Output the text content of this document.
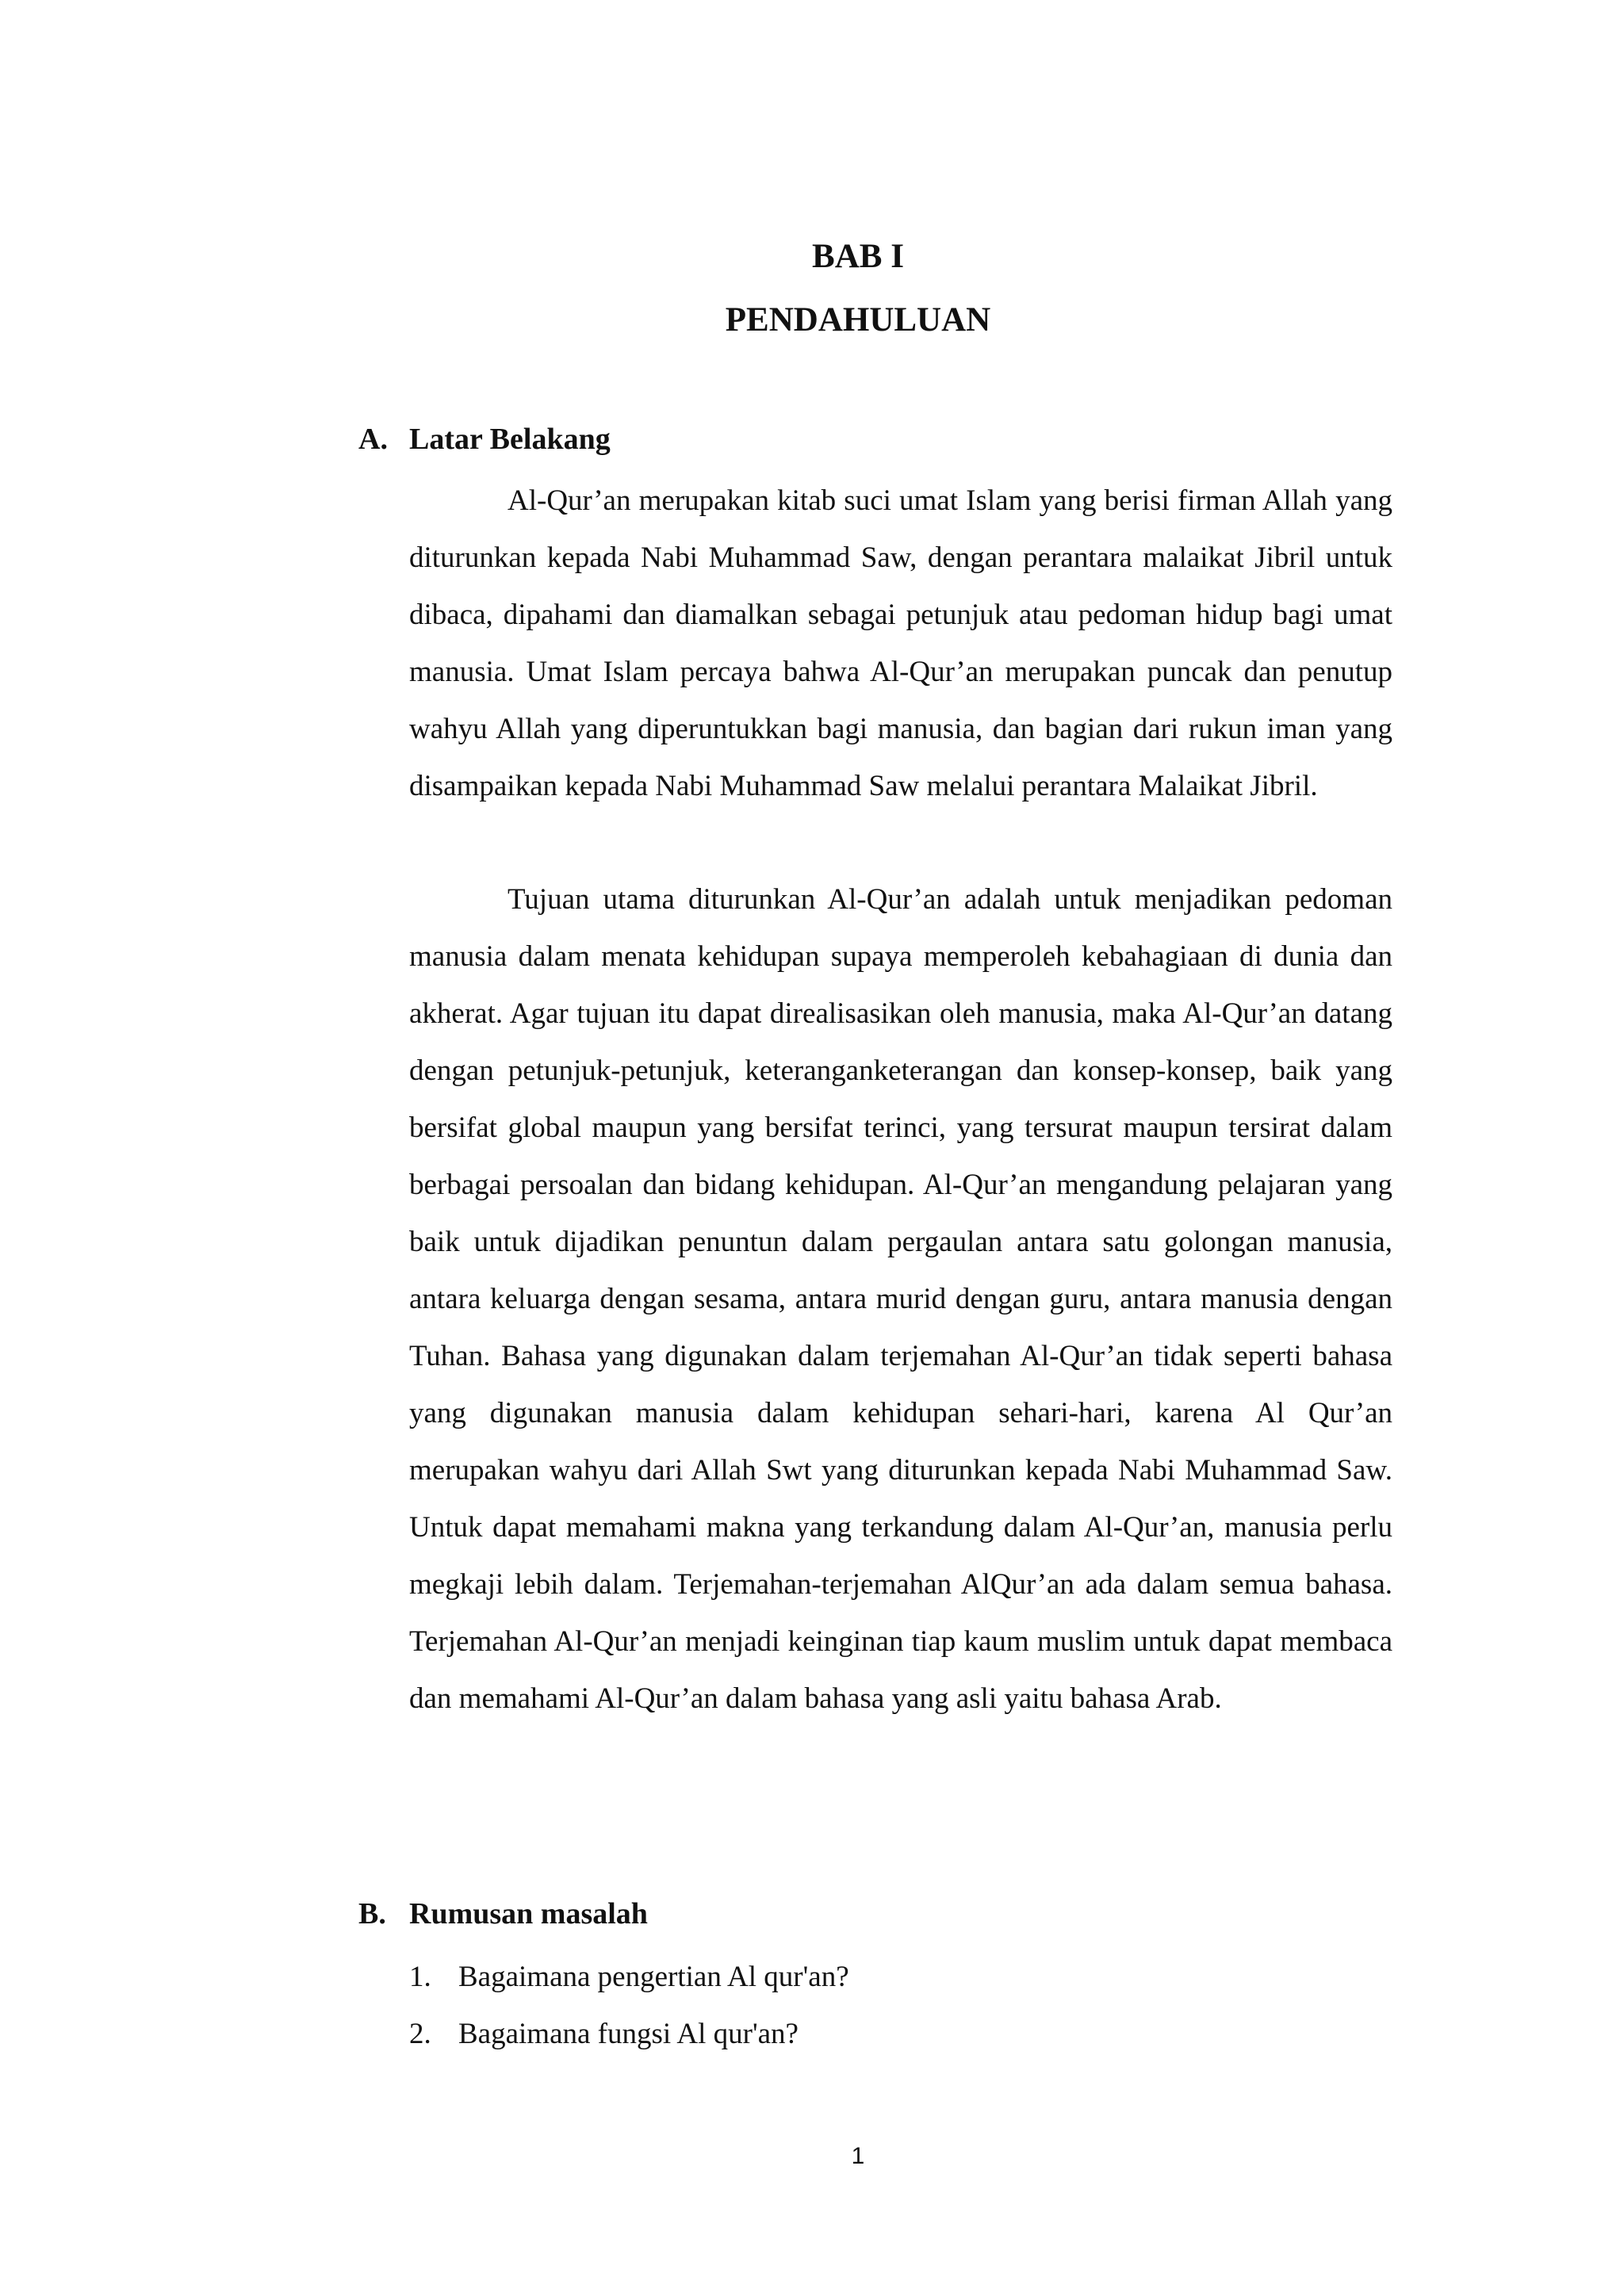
BAB I
PENDAHULUAN
A. Latar Belakang

Al-Qur’an merupakan kitab suci umat Islam yang berisi firman Allah yang diturunkan kepada Nabi Muhammad Saw, dengan perantara malaikat Jibril untuk dibaca, dipahami dan diamalkan sebagai petunjuk atau pedoman hidup bagi umat manusia. Umat Islam percaya bahwa Al-Qur’an merupakan puncak dan penutup wahyu Allah yang diperuntukkan bagi manusia, dan bagian dari rukun iman yang disampaikan kepada Nabi Muhammad Saw melalui perantara Malaikat Jibril.

Tujuan utama diturunkan Al-Qur’an adalah untuk menjadikan pedoman manusia dalam menata kehidupan supaya memperoleh kebahagiaan di dunia dan akherat. Agar tujuan itu dapat direalisasikan oleh manusia, maka Al-Qur’an datang dengan petunjuk-petunjuk, keteranganketerangan dan konsep-konsep, baik yang bersifat global maupun yang bersifat terinci, yang tersurat maupun tersirat dalam berbagai persoalan dan bidang kehidupan. Al-Qur’an mengandung pelajaran yang baik untuk dijadikan penuntun dalam pergaulan antara satu golongan manusia, antara keluarga dengan sesama, antara murid dengan guru, antara manusia dengan Tuhan. Bahasa yang digunakan dalam terjemahan Al-Qur’an tidak seperti bahasa yang digunakan manusia dalam kehidupan sehari-hari, karena Al Qur’an merupakan wahyu dari Allah Swt yang diturunkan kepada Nabi Muhammad Saw. Untuk dapat memahami makna yang terkandung dalam Al-Qur’an, manusia perlu megkaji lebih dalam. Terjemahan-terjemahan AlQur’an ada dalam semua bahasa. Terjemahan Al-Qur’an menjadi keinginan tiap kaum muslim untuk dapat membaca dan memahami Al-Qur’an dalam bahasa yang asli yaitu bahasa Arab.

B. Rumusan masalah
1. Bagaimana pengertian Al qur'an?
2. Bagaimana fungsi Al qur'an?
1
